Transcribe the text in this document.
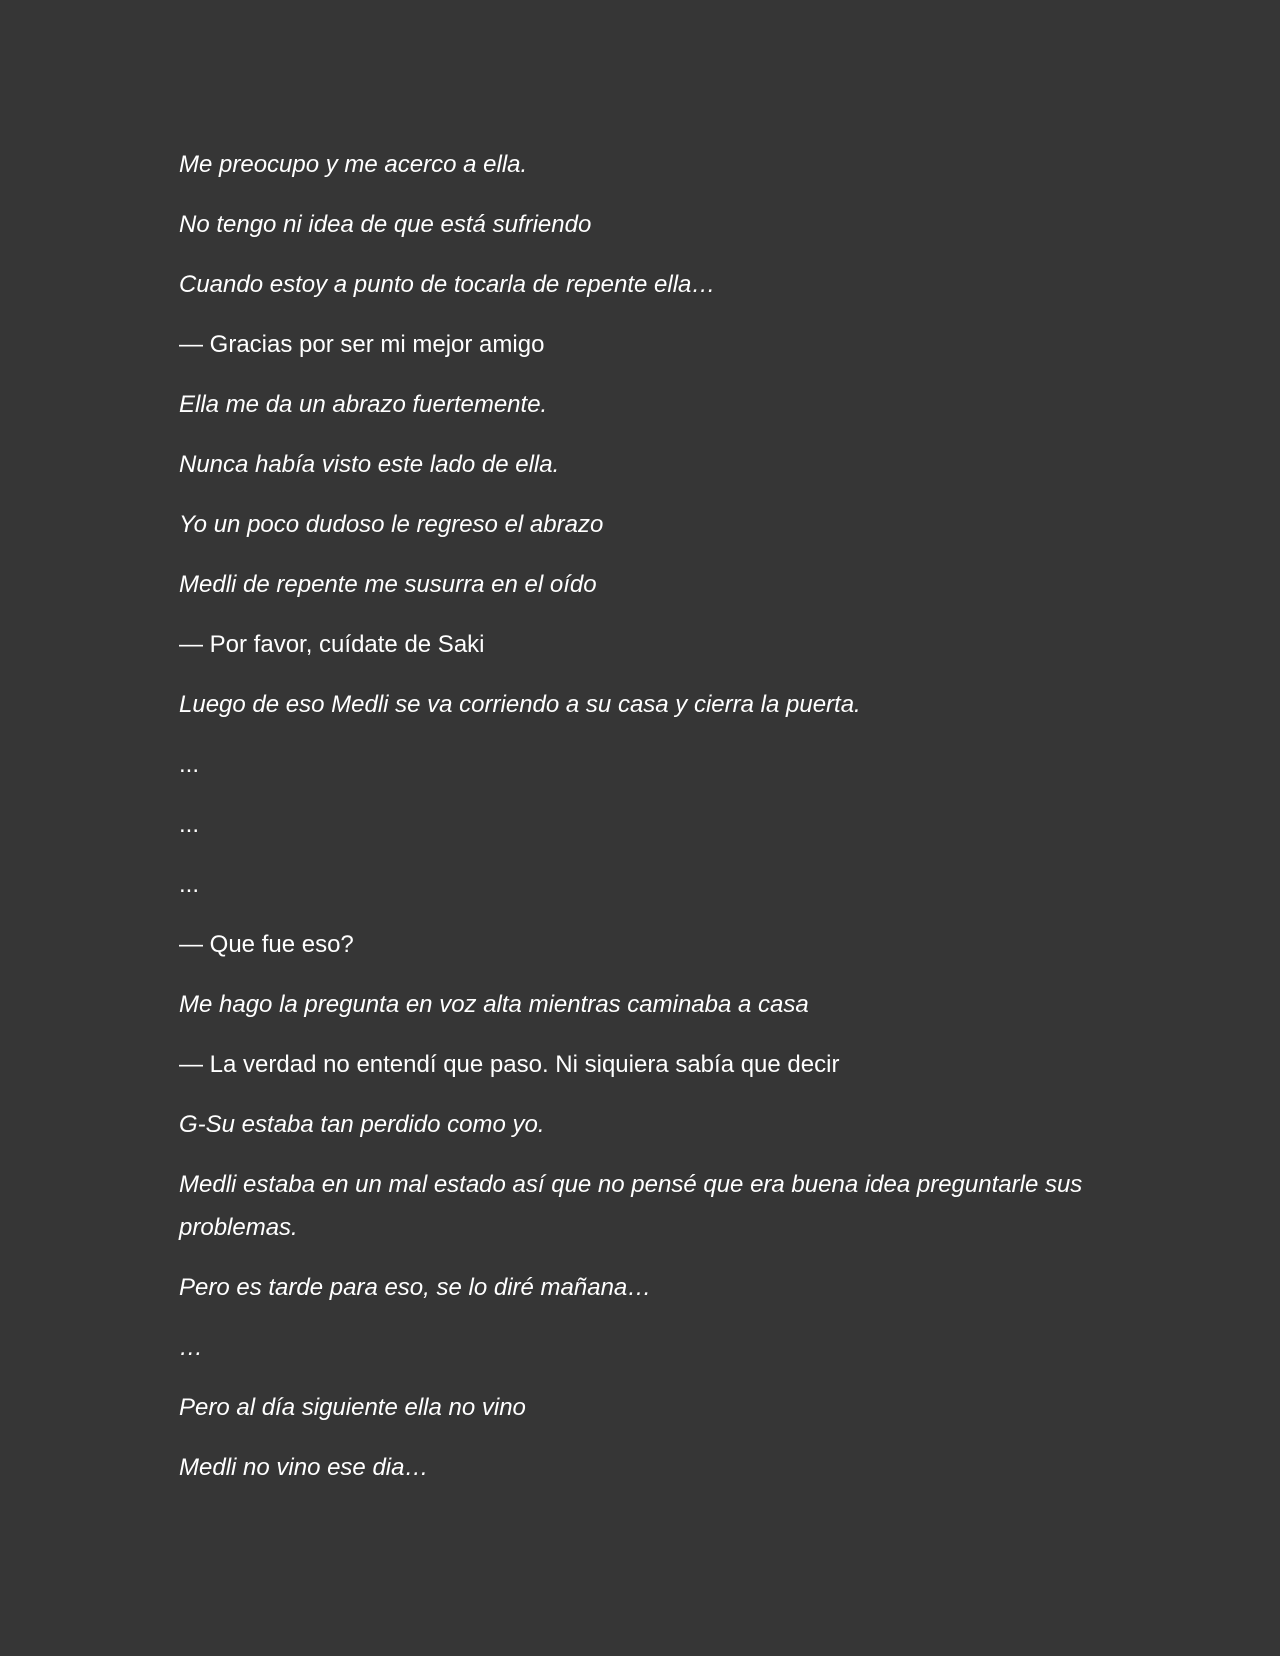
Me preocupo y me acerco a ella.

No tengo ni idea de que está sufriendo

Cuando estoy a punto de tocarla de repente ella…

— Gracias por ser mi mejor amigo

Ella me da un abrazo fuertemente.

Nunca había visto este lado de ella.

Yo un poco dudoso le regreso el abrazo

Medli de repente me susurra en el oído

— Por favor, cuídate de Saki

Luego de eso Medli se va corriendo a su casa y cierra la puerta.

...

...

...

— Que fue eso?

Me hago la pregunta en voz alta mientras caminaba a casa

— La verdad no entendí que paso. Ni siquiera sabía que decir

G-Su estaba tan perdido como yo.

Medli estaba en un mal estado así que no pensé que era buena idea preguntarle sus problemas.

Pero es tarde para eso, se lo diré mañana…

…

Pero al día siguiente ella no vino

Medli no vino ese dia…
